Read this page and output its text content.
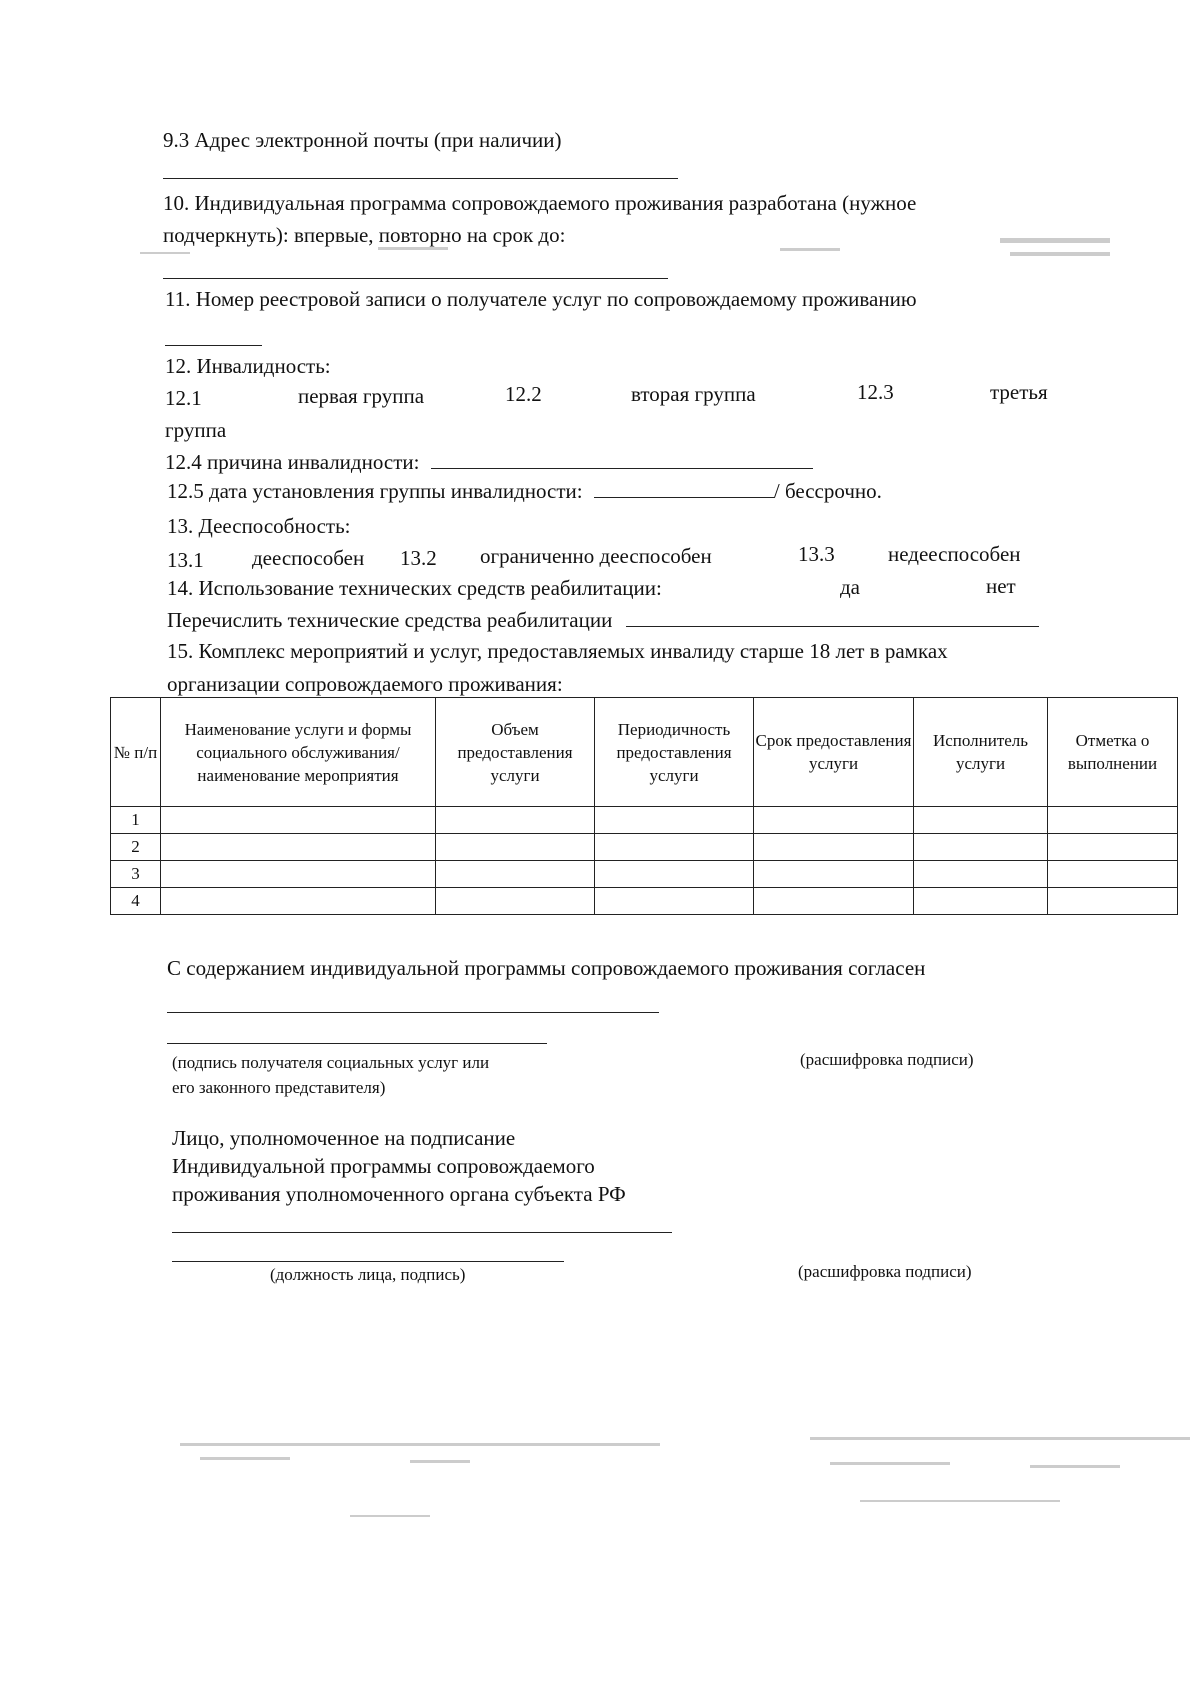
9.3 Адрес электронной почты (при наличии)
10. Индивидуальная программа сопровождаемого проживания разработана (нужное
подчеркнуть): впервые, повторно на срок до:
11. Номер реестровой записи о получателе услуг по сопровождаемому проживанию
12. Инвалидность:
12.1	первая группа	12.2	вторая группа	12.3	третья
группа
12.4 причина инвалидности:
12.5 дата установления группы инвалидности:	/ бессрочно.
13. Дееспособность:
13.1 дееспособен 13.2 ограниченно дееспособен	13.3	недееспособен
14. Использование технических средств реабилитации:	да	нет
Перечислить технические средства реабилитации
15. Комплекс мероприятий и услуг, предоставляемых инвалиду старше 18 лет в рамках
организации сопровождаемого проживания:
№ п/п	Наименование услуги и формы социального обслуживания/наименование мероприятия	Объем предоставления услуги	Периодичность предоставления услуги	Срок предоставления услуги	Исполнитель услуги	Отметка о выполнении
1						
2						
3						
4						
С содержанием индивидуальной программы сопровождаемого проживания согласен
(подпись получателя социальных услуг или
его законного представителя)
(расшифровка подписи)
Лицо, уполномоченное на подписание
Индивидуальной программы сопровождаемого
проживания уполномоченного органа субъекта РФ
(должность лица, подпись)	(расшифровка подписи)
